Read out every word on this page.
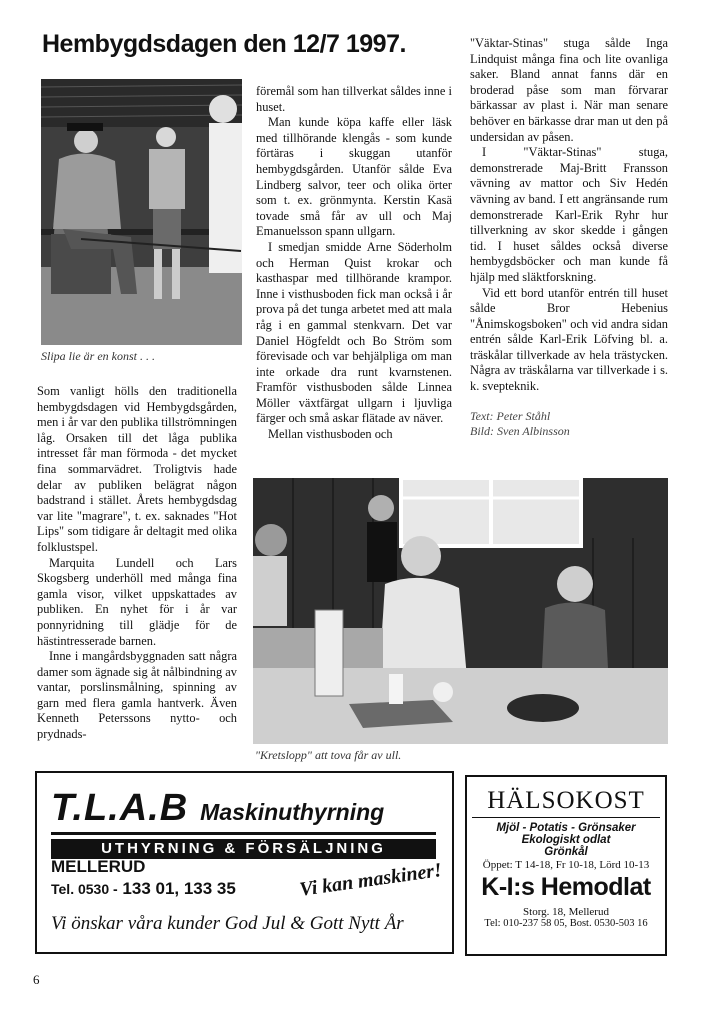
Hembygdsdagen den 12/7 1997.
Slipa lie är en konst . . .

Som vanligt hölls den traditionella hembygdsdagen vid Hembygdsgården, men i år var den publika tillströmningen låg. Orsaken till det låga publika intresset får man förmoda - det mycket fina sommarvädret. Troligtvis hade delar av publiken belägrat någon badstrand i stället. Årets hembygdsdag var lite "magrare", t. ex. saknades "Hot Lips" som tidigare år deltagit med olika folklustspel.

Marquita Lundell och Lars Skogsberg underhöll med många fina gamla visor, vilket uppskattades av publiken. En nyhet för i år var ponnyridning till glädje för de hästintresserade barnen.

Inne i mangårdsbyggnaden satt några damer som ägnade sig åt nålbindning av vantar, porslinsmålning, spinning av garn med flera gamla hantverk. Även Kenneth Peterssons nytto- och prydnads-

föremål som han tillverkat såldes inne i huset.

Man kunde köpa kaffe eller läsk med tillhörande klengås - som kunde förtäras i skuggan utanför hembygdsgården. Utanför sålde Eva Lindberg salvor, teer och olika örter som t. ex. grönmynta. Kerstin Kasä tovade små får av ull och Maj Emanuelsson spann ullgarn.

I smedjan smidde Arne Söderholm och Herman Quist krokar och kasthaspar med tillhörande krampor. Inne i visthusboden fick man också i år prova på det tunga arbetet med att mala råg i en gammal stenkvarn. Det var Daniel Högfeldt och Bo Ström som förevisade och var behjälpliga om man inte orkade dra runt kvarnstenen. Framför visthusboden sålde Linnea Möller växtfärgat ullgarn i ljuvliga färger och små askar flätade av näver.

Mellan visthusboden och

"Väktar-Stinas" stuga sålde Inga Lindquist många fina och lite ovanliga saker. Bland annat fanns där en broderad påse som man förvarar bärkassar av plast i. När man senare behöver en bärkasse drar man ut den på undersidan av påsen.

I "Väktar-Stinas" stuga, demonstrerade Maj-Britt Fransson vävning av mattor och Siv Hedén vävning av band. I ett angränsande rum demonstrerade Karl-Erik Ryhr hur tillverkning av skor skedde i gången tid. I huset såldes också diverse hembygdsböcker och man kunde få hjälp med släktforskning.

Vid ett bord utanför entrén till huset sålde Bror Hebenius "Ånimskogsboken" och vid andra sidan entrén sålde Karl-Erik Löfving bl. a. träskålar tillverkade av hela trästycken. Några av träskålarna var tillverkade i s. k. svepteknik.

Text: Peter Ståhl
Bild: Sven Albinsson
"Kretslopp" att tova får av ull.
T.L.A.B Maskinuthyrning
UTHYRNING & FÖRSÄLJNING
MELLERUD
Tel. 0530 - 133 01, 133 35	Vi kan maskiner!
Vi önskar våra kunder God Jul & Gott Nytt År
HÄLSOKOST
Mjöl - Potatis - Grönsaker
Ekologiskt odlat
Grönkål
Öppet: T 14-18, Fr 10-18, Lörd 10-13
K-I:s Hemodlat
Storg. 18, Mellerud
Tel: 010-237 58 05, Bost. 0530-503 16
6
